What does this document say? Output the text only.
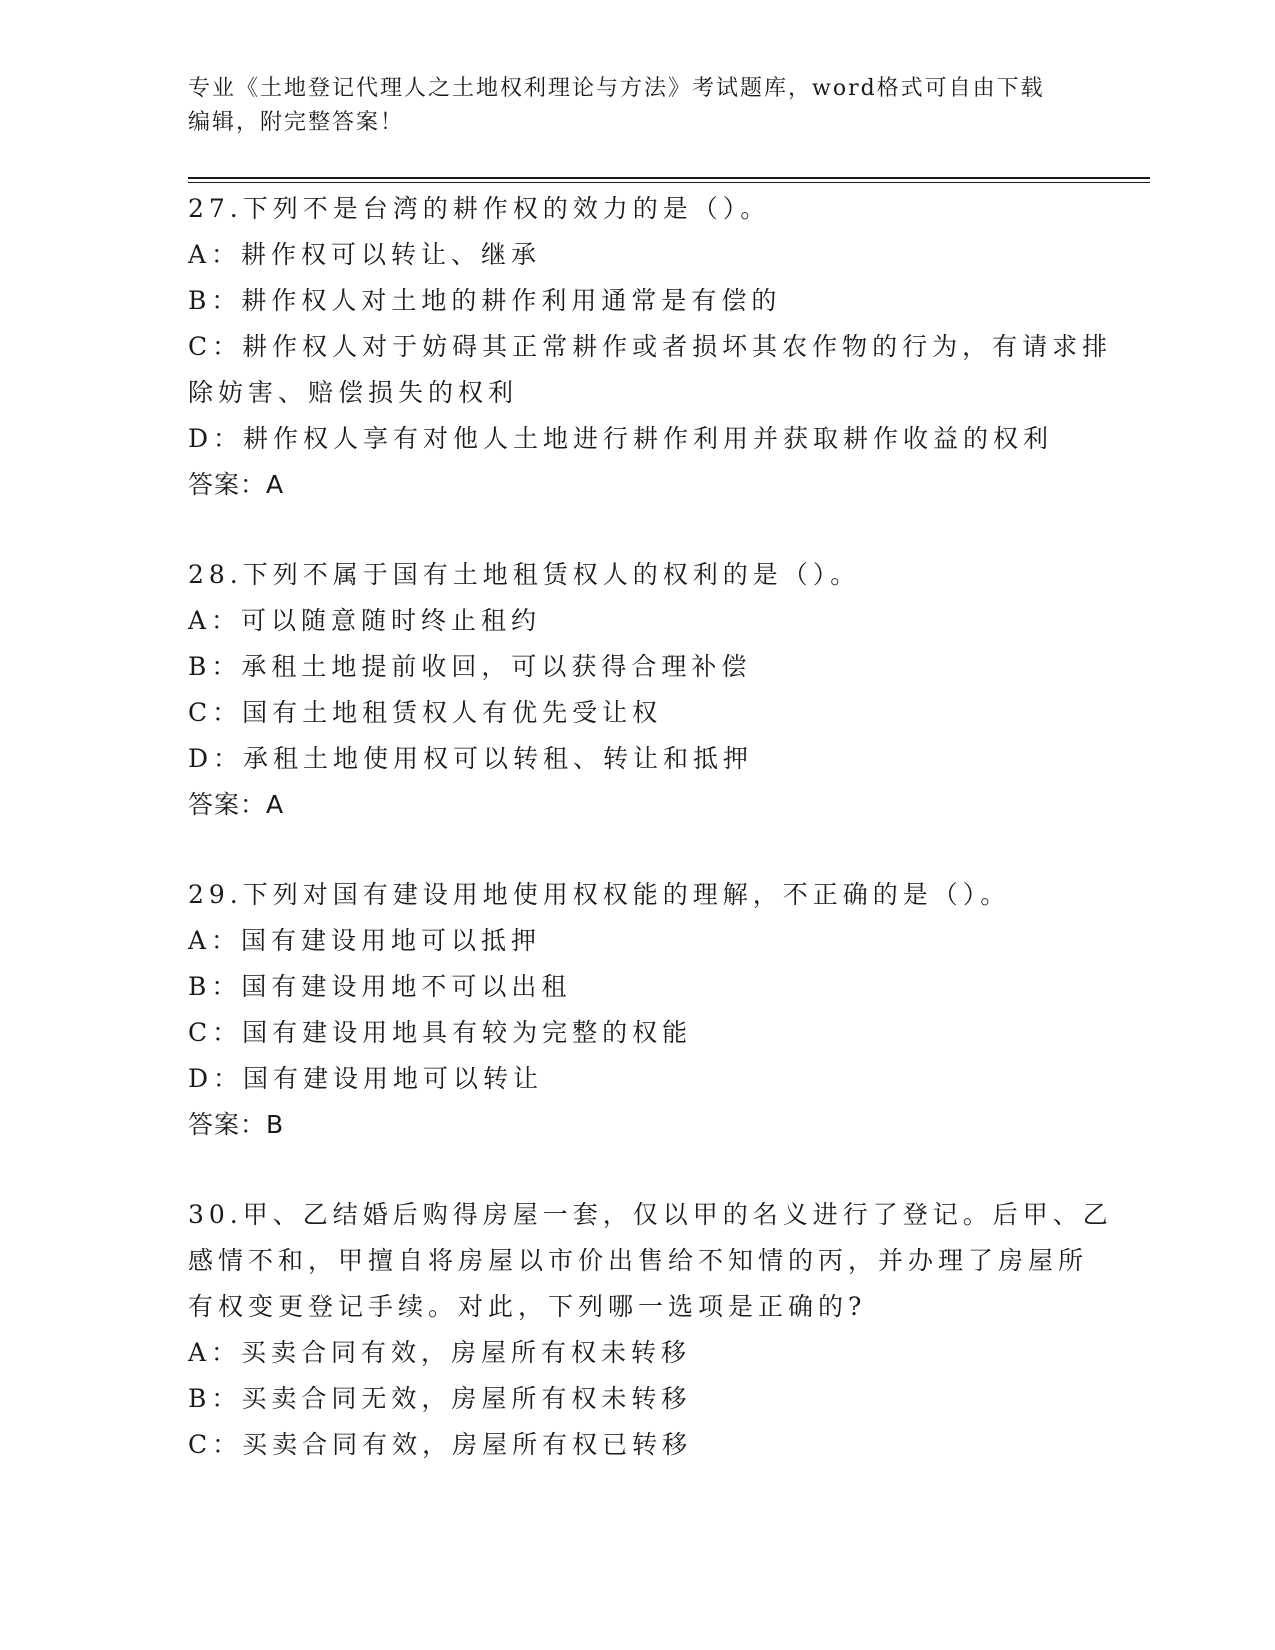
专业《土地登记代理人之土地权利理论与方法》考试题库，word格式可自由下载
编辑，附完整答案！
27.下列不是台湾的耕作权的效力的是（）。
A：耕作权可以转让、继承
B：耕作权人对土地的耕作利用通常是有偿的
C：耕作权人对于妨碍其正常耕作或者损坏其农作物的行为，有请求排
除妨害、赔偿损失的权利
D：耕作权人享有对他人土地进行耕作利用并获取耕作收益的权利
答案：A
28.下列不属于国有土地租赁权人的权利的是（）。
A：可以随意随时终止租约
B：承租土地提前收回，可以获得合理补偿
C：国有土地租赁权人有优先受让权
D：承租土地使用权可以转租、转让和抵押
答案：A
29.下列对国有建设用地使用权权能的理解，不正确的是（）。
A：国有建设用地可以抵押
B：国有建设用地不可以出租
C：国有建设用地具有较为完整的权能
D：国有建设用地可以转让
答案：B
30.甲、乙结婚后购得房屋一套，仅以甲的名义进行了登记。后甲、乙
感情不和，甲擅自将房屋以市价出售给不知情的丙，并办理了房屋所
有权变更登记手续。对此，下列哪一选项是正确的?
A：买卖合同有效，房屋所有权未转移
B：买卖合同无效，房屋所有权未转移
C：买卖合同有效，房屋所有权已转移
